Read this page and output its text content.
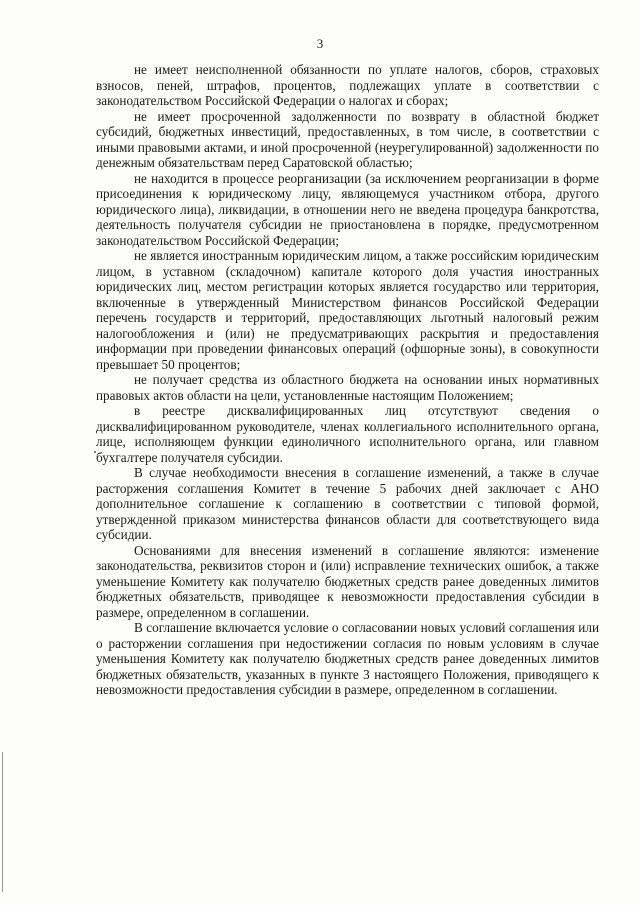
3

не имеет неисполненной обязанности по уплате налогов, сборов, страховых взносов, пеней, штрафов, процентов, подлежащих уплате в соответствии с законодательством Российской Федерации о налогах и сборах;

не имеет просроченной задолженности по возврату в областной бюджет субсидий, бюджетных инвестиций, предоставленных, в том числе, в соответствии с иными правовыми актами, и иной просроченной (неурегулированной) задолженности по денежным обязательствам перед Саратовской областью;

не находится в процессе реорганизации (за исключением реорганизации в форме присоединения к юридическому лицу, являющемуся участником отбора, другого юридического лица), ликвидации, в отношении него не введена процедура банкротства, деятельность получателя субсидии не приостановлена в порядке, предусмотренном законодательством Российской Федерации;

не является иностранным юридическим лицом, а также российским юридическим лицом, в уставном (складочном) капитале которого доля участия иностранных юридических лиц, местом регистрации которых является государство или территория, включенные в утвержденный Министерством финансов Российской Федерации перечень государств и территорий, предоставляющих льготный налоговый режим налогообложения и (или) не предусматривающих раскрытия и предоставления информации при проведении финансовых операций (офшорные зоны), в совокупности превышает 50 процентов;

не получает средства из областного бюджета на основании иных нормативных правовых актов области на цели, установленные настоящим Положением;

в реестре дисквалифицированных лиц отсутствуют сведения о дисквалифицированном руководителе, членах коллегиального исполнительного органа, лице, исполняющем функции единоличного исполнительного органа, или главном бухгалтере получателя субсидии.

В случае необходимости внесения в соглашение изменений, а также в случае расторжения соглашения Комитет в течение 5 рабочих дней заключает с АНО дополнительное соглашение к соглашению в соответствии с типовой формой, утвержденной приказом министерства финансов области для соответствующего вида субсидии.

Основаниями для внесения изменений в соглашение являются: изменение законодательства, реквизитов сторон и (или) исправление технических ошибок, а также уменьшение Комитету как получателю бюджетных средств ранее доведенных лимитов бюджетных обязательств, приводящее к невозможности предоставления субсидии в размере, определенном в соглашении.

В соглашение включается условие о согласовании новых условий соглашения или о расторжении соглашения при недостижении согласия по новым условиям в случае уменьшения Комитету как получателю бюджетных средств ранее доведенных лимитов бюджетных обязательств, указанных в пункте 3 настоящего Положения, приводящего к невозможности предоставления субсидии в размере, определенном в соглашении.
